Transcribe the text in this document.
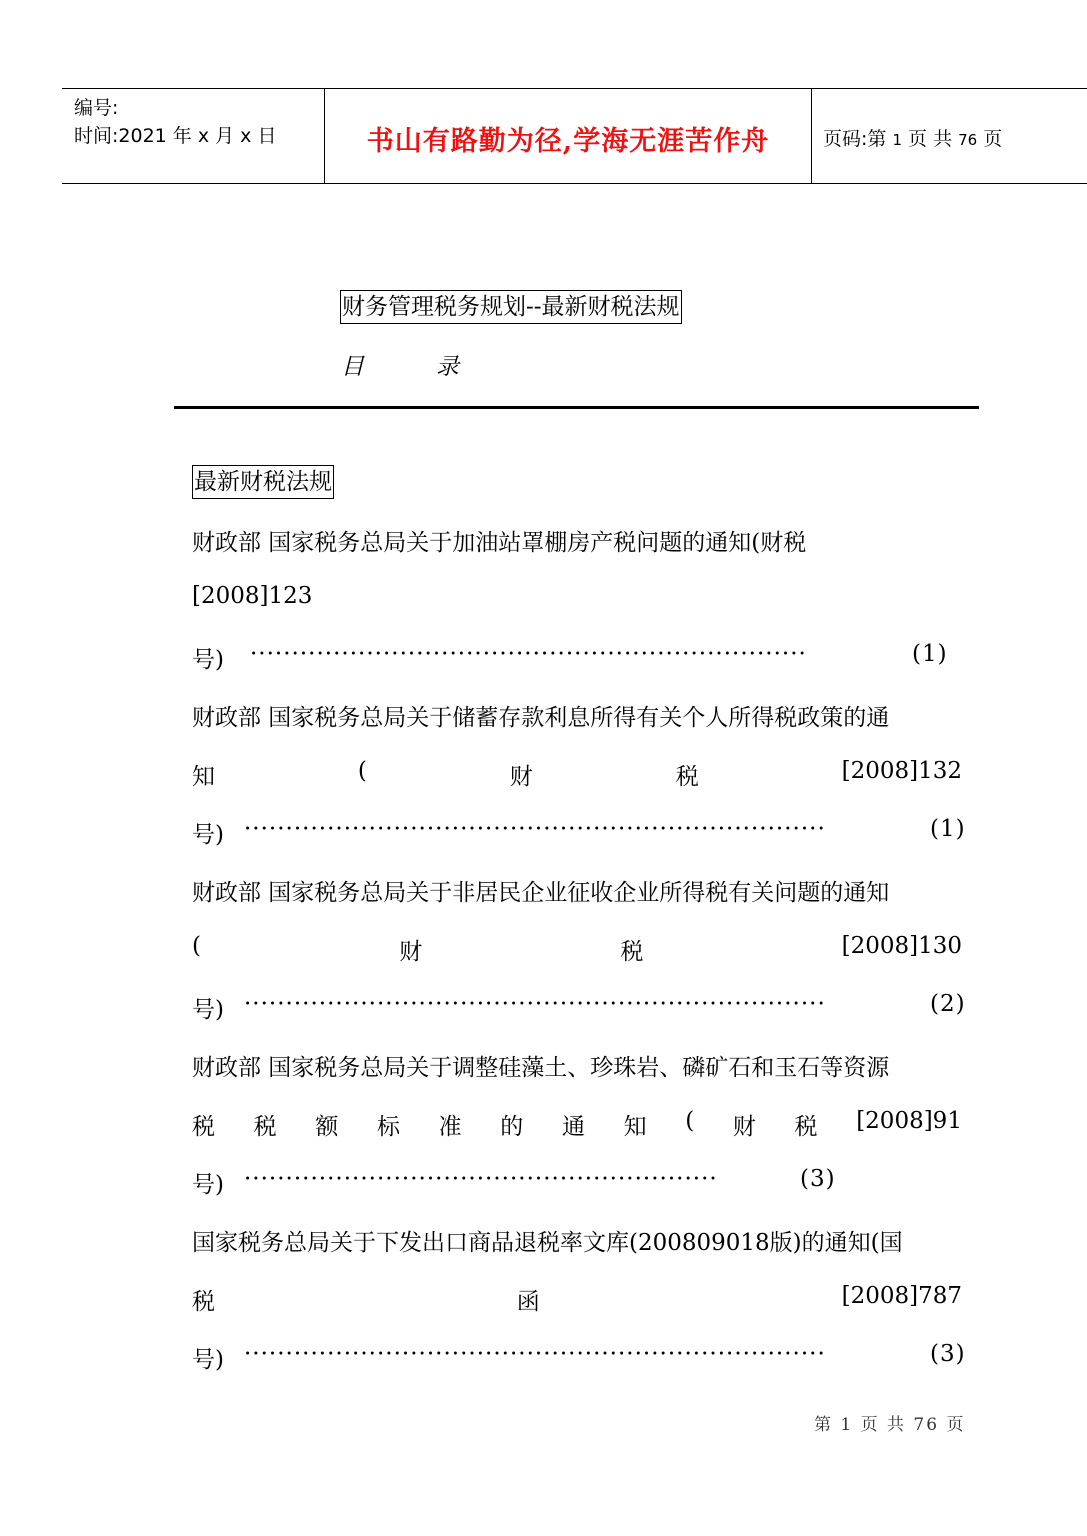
编号:
时间:2021 年 x 月 x 日	书山有路勤为径,学海无涯苦作舟	页码:第 1 页 共 76 页
财务管理税务规划--最新财税法规
目	录
最新财税法规
财政部 国家税务总局关于加油站罩棚房产税问题的通知(财税
[2008]123
号) ···································································	(1)
财政部 国家税务总局关于储蓄存款利息所得有关个人所得税政策的通
知	(	财	税	[2008]132
号) ······································································	(1)
财政部 国家税务总局关于非居民企业征收企业所得税有关问题的通知
(	财	税	[2008]130
号) ······································································	(2)
财政部 国家税务总局关于调整硅藻土、珍珠岩、磷矿石和玉石等资源
税 税 额 标 准 的 通 知 ( 财 税 [2008]91
号) ·························································	(3)
国家税务总局关于下发出口商品退税率文库(200809018版)的通知(国
税	函	[2008]787
号) ······································································	(3)
第 1 页 共 76 页
